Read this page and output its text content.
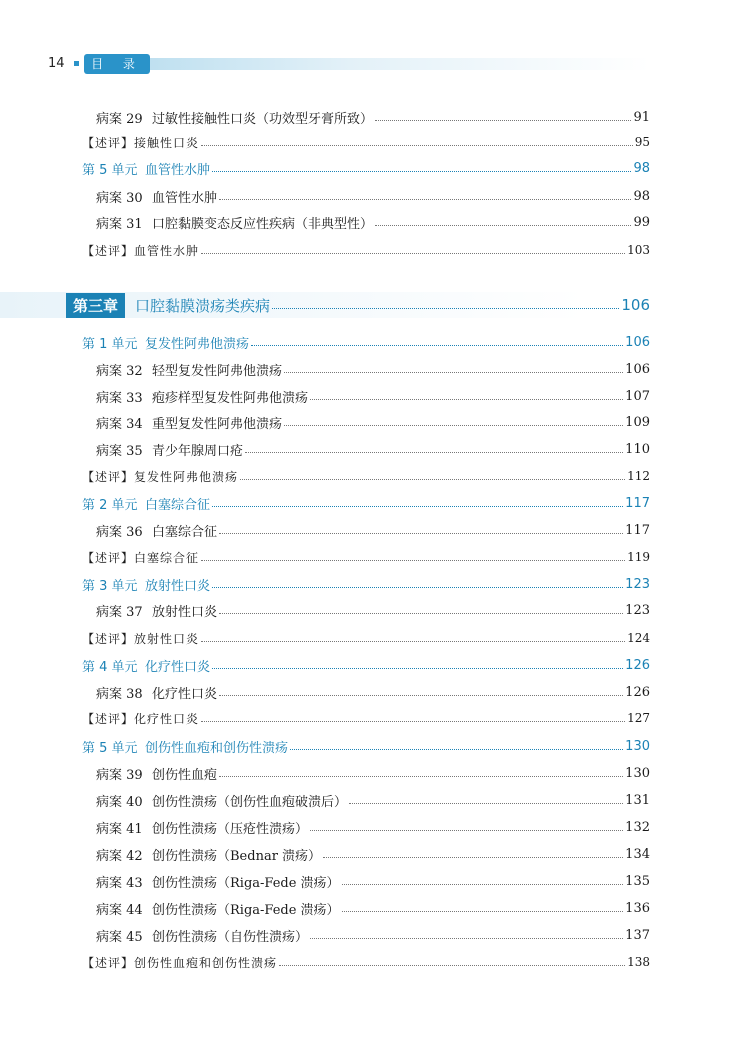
14	目 录
病案 29 过敏性接触性口炎（功效型牙膏所致）	91
【述评】接触性口炎	95
第 5 单元 血管性水肿	98
病案 30 血管性水肿	98
病案 31 口腔黏膜变态反应性疾病（非典型性）	99
【述评】血管性水肿	103
第三章	口腔黏膜溃疡类疾病	106
第 1 单元 复发性阿弗他溃疡	106
病案 32 轻型复发性阿弗他溃疡	106
病案 33 疱疹样型复发性阿弗他溃疡	107
病案 34 重型复发性阿弗他溃疡	109
病案 35 青少年腺周口疮	110
【述评】复发性阿弗他溃疡	112
第 2 单元 白塞综合征	117
病案 36 白塞综合征	117
【述评】白塞综合征	119
第 3 单元 放射性口炎	123
病案 37 放射性口炎	123
【述评】放射性口炎	124
第 4 单元 化疗性口炎	126
病案 38 化疗性口炎	126
【述评】化疗性口炎	127
第 5 单元 创伤性血疱和创伤性溃疡	130
病案 39 创伤性血疱	130
病案 40 创伤性溃疡（创伤性血疱破溃后）	131
病案 41 创伤性溃疡（压疮性溃疡）	132
病案 42 创伤性溃疡（Bednar 溃疡）	134
病案 43 创伤性溃疡（Riga-Fede 溃疡）	135
病案 44 创伤性溃疡（Riga-Fede 溃疡）	136
病案 45 创伤性溃疡（自伤性溃疡）	137
【述评】创伤性血疱和创伤性溃疡	138
